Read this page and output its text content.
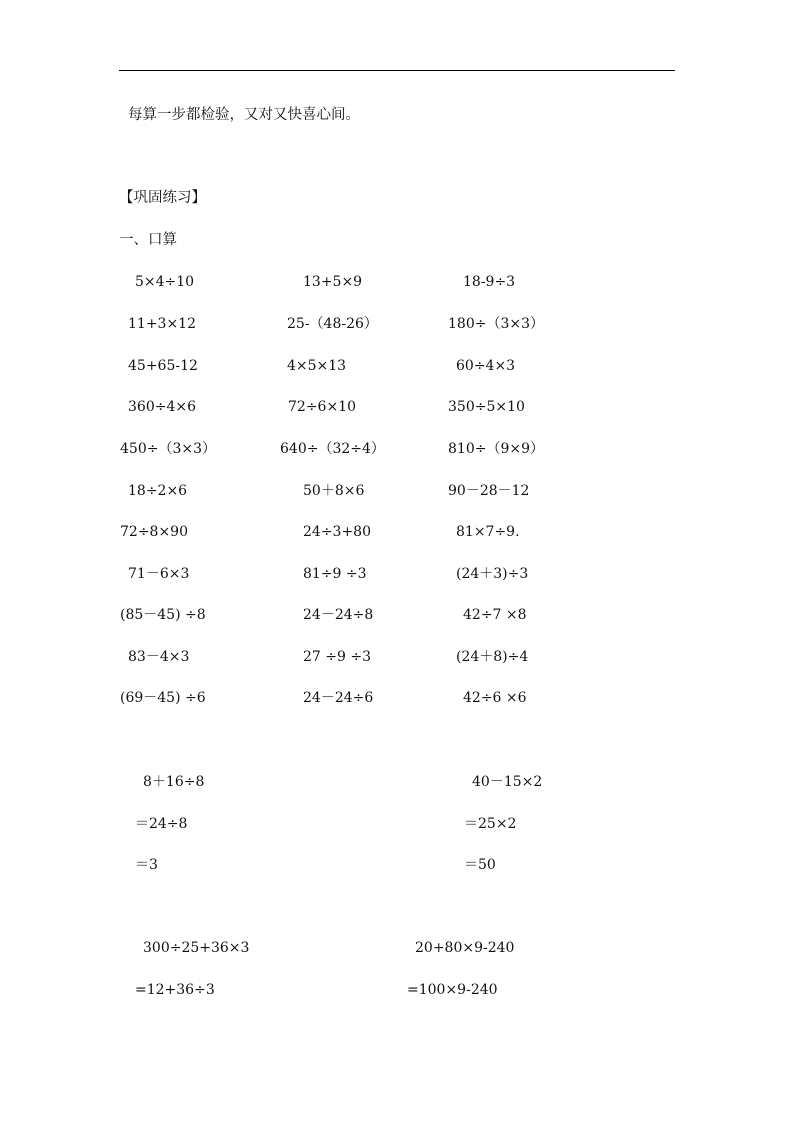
每算一步都检验，又对又快喜心间。
【巩固练习】
一、口算
5×4÷10	13+5×9	18-9÷3
11+3×12	25-（48-26）	180÷（3×3）
45+65-12	4×5×13	60÷4×3
360÷4×6	72÷6×10	350÷5×10
450÷（3×3）	640÷（32÷4）	810÷（9×9）
18÷2×6	50＋8×6	90－28－12
72÷8×90	24÷3+80	81×7÷9.
71－6×3	81÷9 ÷3	(24＋3)÷3
(85－45) ÷8	24－24÷8	42÷7 ×8
83－4×3	27 ÷9 ÷3	(24＋8)÷4
(69－45) ÷6	24－24÷6	42÷6 ×6
8＋16÷8
＝24÷8
＝3
40－15×2
＝25×2
＝50
300÷25+36×3
=12+36÷3
20+80×9-240
=100×9-240
